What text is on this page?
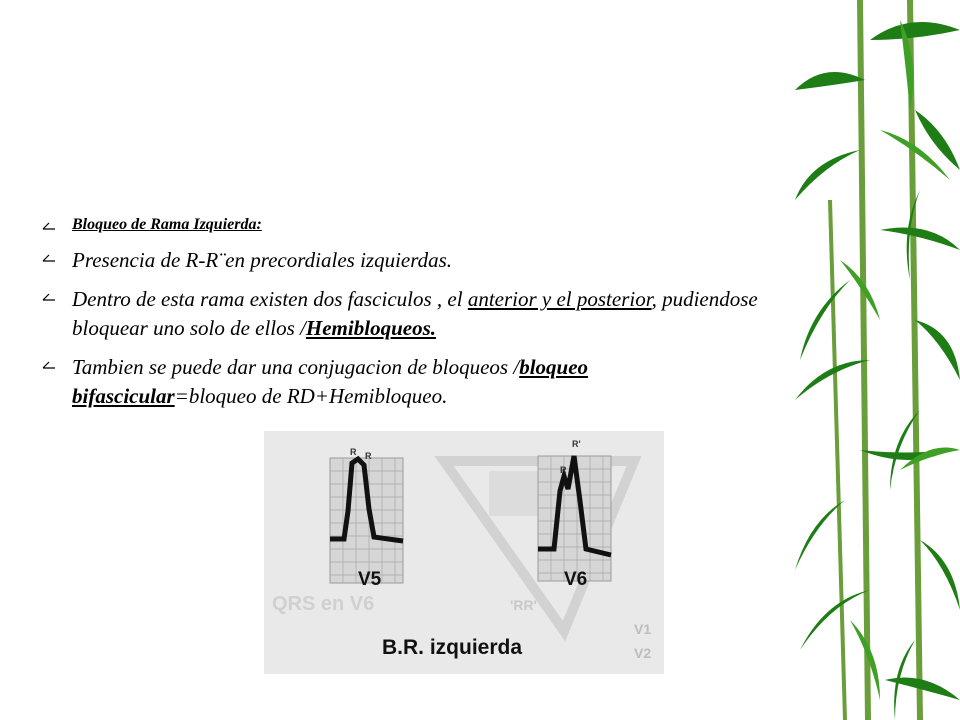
Bloqueo de Rama Izquierda:
Presencia de R-R¨en precordiales izquierdas.
Dentro de esta rama existen dos fasciculos , el anterior y el posterior, pudiendose bloquear uno solo de ellos /Hemibloqueos.
Tambien se puede dar una conjugacion de bloqueos /bloqueo bifascicular=bloqueo de RD+Hemibloqueo.
R R
R
R'
V5	V6
QRS en V6	'RR'
V1
V2
B.R. izquierda
